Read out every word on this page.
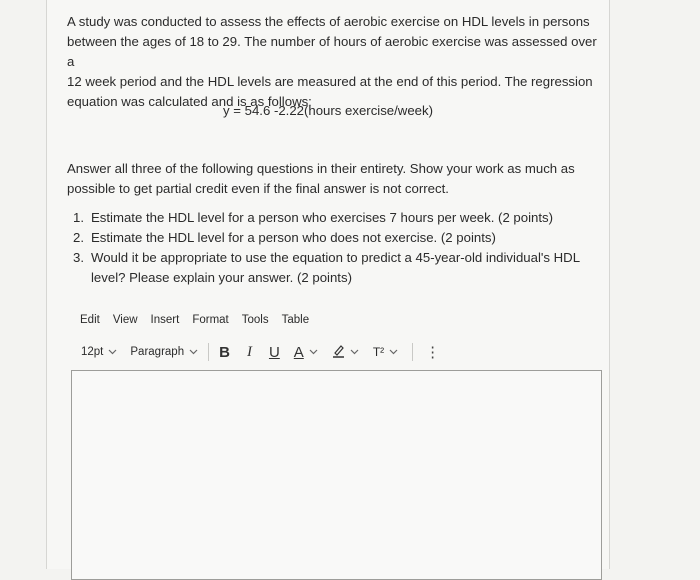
A study was conducted to assess the effects of aerobic exercise on HDL levels in persons

between the ages of 18 to 29. The number of hours of aerobic exercise was assessed over a

12 week period and the HDL levels are measured at the end of this period. The regression

equation was calculated and is as follows:

y = 54.6 -2.22(hours exercise/week)
Answer all three of the following questions in their entirety. Show your work as much as
possible to get partial credit even if the final answer is not correct.
1. Estimate the HDL level for a person who exercises 7 hours per week. (2 points)
2. Estimate the HDL level for a person who does not exercise. (2 points)
3. Would it be appropriate to use the equation to predict a 45-year-old individual's HDL
level? Please explain your answer. (2 points)
Edit View Insert Format Tools Table
12pt Paragraph B I U A	T²	⋮
